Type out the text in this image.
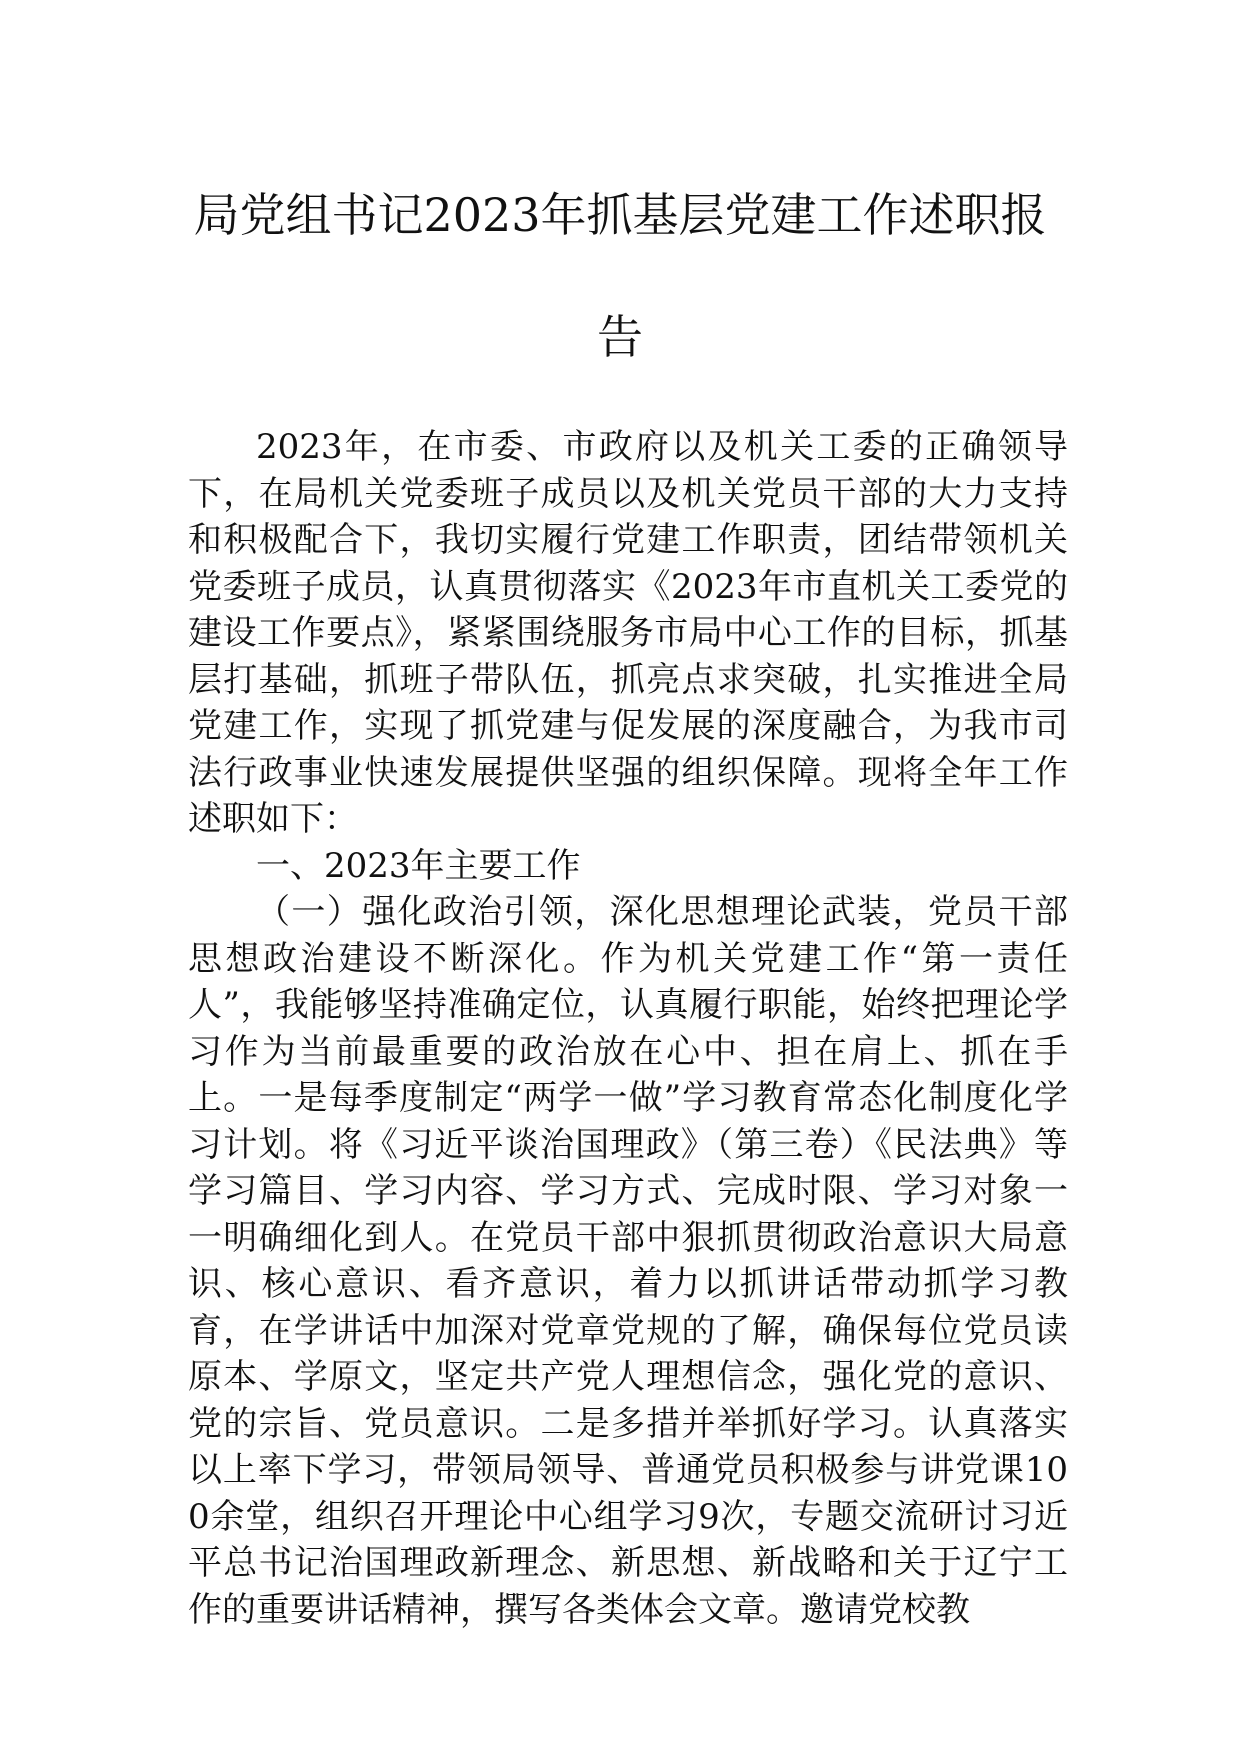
局党组书记2023年抓基层党建工作述职报
告

2023年，在市委、市政府以及机关工委的正确领导下，在局机关党委班子成员以及机关党员干部的大力支持和积极配合下，我切实履行党建工作职责，团结带领机关党委班子成员，认真贯彻落实《2023年市直机关工委党的建设工作要点》，紧紧围绕服务市局中心工作的目标，抓基层打基础，抓班子带队伍，抓亮点求突破，扎实推进全局党建工作，实现了抓党建与促发展的深度融合，为我市司法行政事业快速发展提供坚强的组织保障。现将全年工作述职如下：

一、2023年主要工作

（一）强化政治引领，深化思想理论武装，党员干部思想政治建设不断深化。作为机关党建工作“第一责任人”，我能够坚持准确定位，认真履行职能，始终把理论学习作为当前最重要的政治放在心中、担在肩上、抓在手上。一是每季度制定“两学一做”学习教育常态化制度化学习计划。将《习近平谈治国理政》（第三卷）《民法典》等学习篇目、学习内容、学习方式、完成时限、学习对象一一明确细化到人。在党员干部中狠抓贯彻政治意识大局意识、核心意识、看齐意识，着力以抓讲话带动抓学习教育，在学讲话中加深对党章党规的了解，确保每位党员读原本、学原文，坚定共产党人理想信念，强化党的意识、党的宗旨、党员意识。二是多措并举抓好学习。认真落实以上率下学习，带领局领导、普通党员积极参与讲党课100余堂，组织召开理论中心组学习9次，专题交流研讨习近平总书记治国理政新理念、新思想、新战略和关于辽宁工作的重要讲话精神，撰写各类体会文章。邀请党校教
